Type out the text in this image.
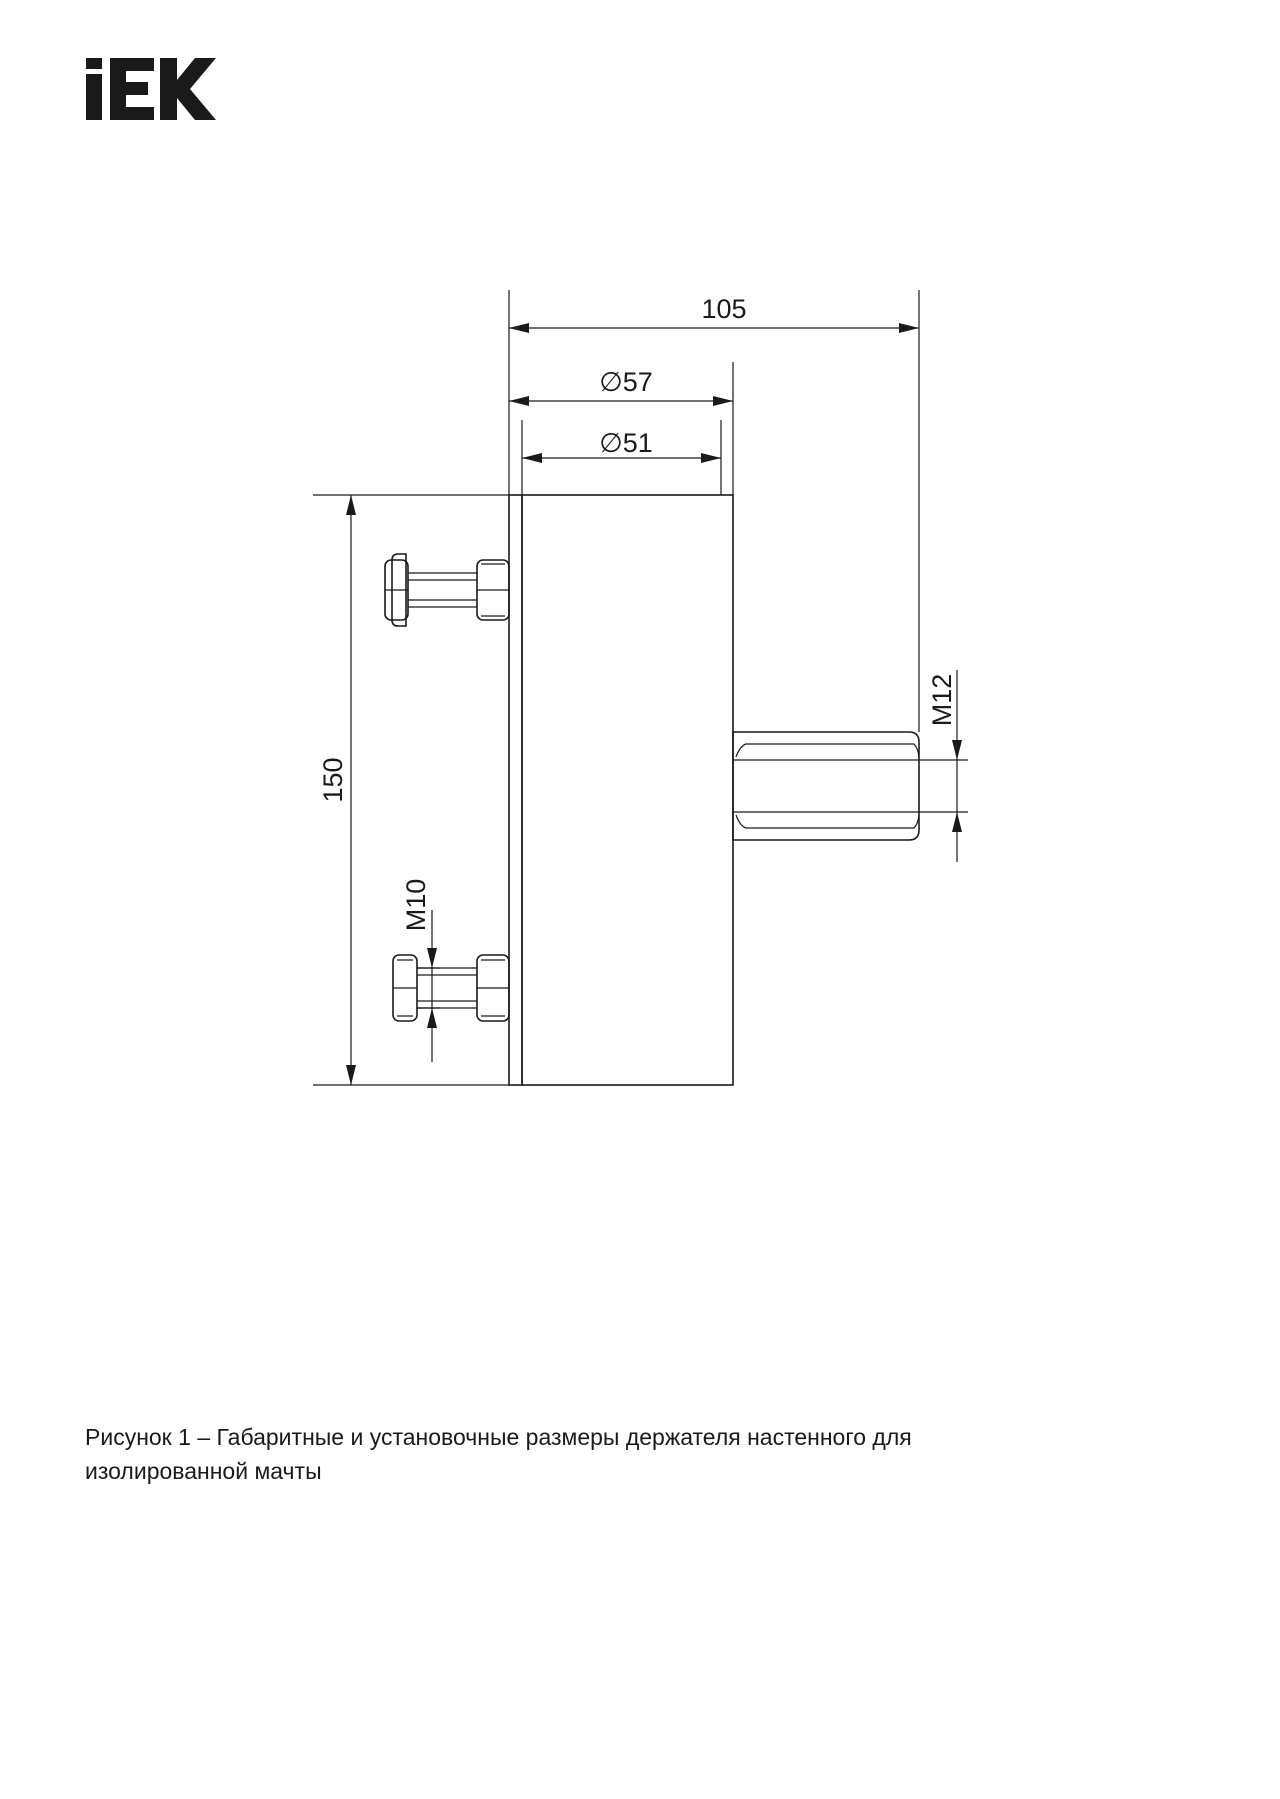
105
∅57
∅51
150
M10
M12

Рисунок 1 – Габаритные и установочные размеры держателя настенного для
изолированной мачты
